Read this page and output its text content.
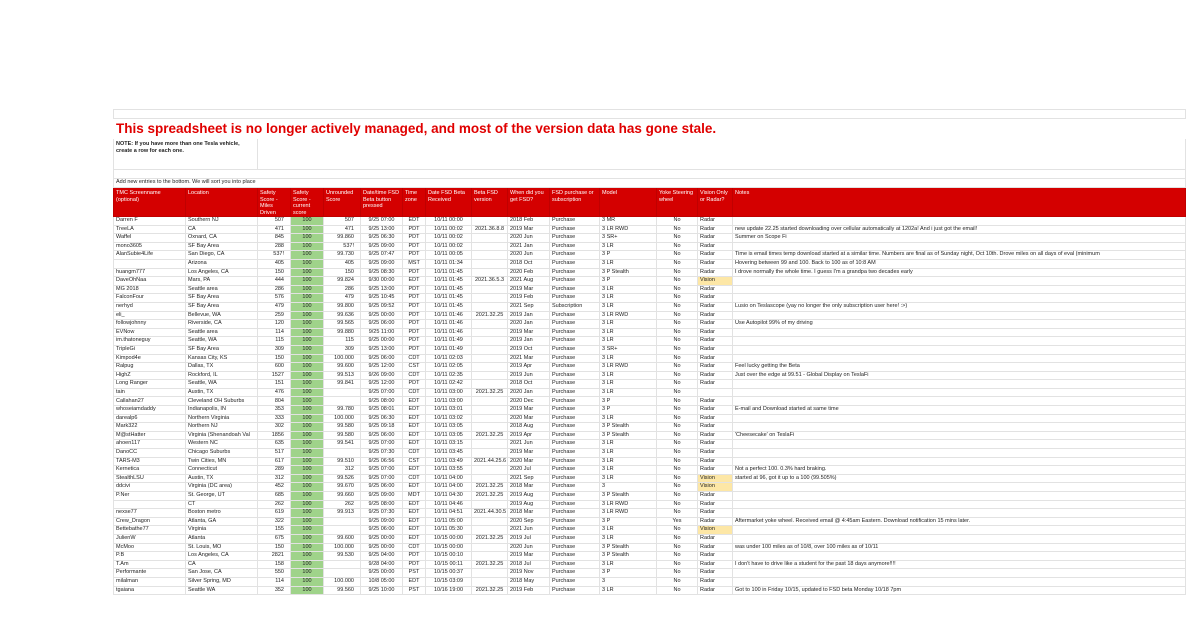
This spreadsheet is no longer actively managed, and most of the version data has gone stale.														
NOTE: If you have more than one Tesla vehicle, create a row for each one.														

Add new entries to the bottom. We will sort you into place														
TMC Screenname (optional)	Location	Safety Score - Miles Driven	Safety Score - current score	Unrounded Score	Date/time FSD Beta button pressed	Time zone	Date FSD Beta Received	Beta FSD version	When did you get FSD?	FSD purchase or subscription	Model	Yoke Steering wheel	Vision Only or Radar?	Notes
Darren F	Southern NJ	507	100	507	9/25 07:00	EDT	10/11 00:00		2018 Feb	Purchase	3 MR	No	Radar	
TreeLA	CA	471	100	471	9/25 13:00	PDT	10/11 00:02	2021.36.8.8	2019 Mar	Purchase	3 LR RWD	No	Radar	new update 22.25 started downloading over cellular automatically at 1202a! And i just got the email!
Waffel	Oxnard, CA	845	100	99.860	9/25 06:30	PDT	10/11 00:02		2020 Jun	Purchase	3 SR+	No	Radar	Summer on Scope Fi
mono3605	SF Bay Area	288	100	537!	9/25 09:00	PDT	10/11 00:02		2021 Jan	Purchase	3 LR	No	Radar	
AlanSubie4Life	San Diego, CA	537!	100	99.730	9/25 07:47	PDT	10/11 00:05		2020 Jun	Purchase	3 P	No	Radar	Time is email times temp download started at a similar time. Numbers are final as of Sunday night, Oct 10th. Drove miles on all days of eval (minimum
	Arizona	405	100	405	9/25 09:00	MST	10/11 01:34		2018 Oct	Purchase	3 LR	No	Radar	Hovering between 99 and 100. Back to 100 as of 10:8 AM
huangm777	Los Angeles, CA	150	100	150	9/25 08:30	PDT	10/11 01:45		2020 Feb	Purchase	3 P Stealth	No	Radar	I drove normally the whole time. I guess I'm a grandpa two decades early
DaveOhNaa	Mars, PA	444	100	99.824	9/30 00:00	EDT	10/11 01:45	2021.36.5.3	2021 Aug	Purchase	3 P	No	Vision	
MG 2018	Seattle area	286	100	286	9/25 13:00	PDT	10/11 01:45		2019 Mar	Purchase	3 LR	No	Radar	
FalconFour	SF Bay Area	576	100	479	9/25 10:45	PDT	10/11 01:45		2019 Feb	Purchase	3 LR	No	Radar	
nerhyd	SF Bay Area	479	100	99.800	9/25 09:52	PDT	10/11 01:45		2021 Sep	Subscription	3 LR	No	Radar	Lusio on Teslascope (yay no longer the only subscription user here! :>)
eli_	Bellevue, WA	259	100	99.636	9/25 00:00	PDT	10/11 01:46	2021.32.25	2019 Jan	Purchase	3 LR RWD	No	Radar	
followjohnny	Riverside, CA	120	100	99.565	9/25 06:00	PDT	10/11 01:46		2020 Jan	Purchase	3 LR	No	Radar	Use Autopilot 99% of my driving
EVNow	Seattle area	114	100	99.880	9/25 11:00	PDT	10/11 01:46		2019 Mar	Purchase	3 LR	No	Radar	
im.thatoneguy	Seattle, WA	115	100	115	9/25 00:00	PDT	10/11 01:49		2019 Jan	Purchase	3 LR	No	Radar	
TripleGi	SF Bay Area	309	100	309	9/25 13:00	PDT	10/11 01:49		2019 Oct	Purchase	3 SR+	No	Radar	
Kimpod4e	Kansas City, KS	150	100	100.000	9/25 06:00	CDT	10/11 02:03		2021 Mar	Purchase	3 LR	No	Radar	
Ralpug	Dallas, TX	600	100	99.600	9/25 12:00	CST	10/11 02:05		2019 Apr	Purchase	3 LR RWD	No	Radar	Feel lucky getting the Beta
HighZ	Rockford, IL	1527	100	99.513	9/26 09:00	CDT	10/11 02:35		2019 Jun	Purchase	3 LR	No	Radar	Just over the edge at 99.51 - Global Display on TeslaFi
Long Ranger	Seattle, WA	151	100	99.841	9/25 12:00	PDT	10/11 02:42		2018 Oct	Purchase	3 LR	No	Radar	
tain	Austin, TX	476	100		9/25 07:00	CDT	10/11 03:00	2021.32.25	2020 Jan	Purchase	3 LR	No		
Callahan27	Cleveland OH Suburbs	804	100		9/25 08:00	EDT	10/11 03:00		2020 Dec	Purchase	3 P	No	Radar	
whoseiamdaddy	Indianapolis, IN	353	100	99.780	9/25 08:01	EDT	10/11 03:01		2019 Mar	Purchase	3 P	No	Radar	E-mail and Download started at same time
darealp6	Northern Virginia	333	100	100.000	9/25 06:30	EDT	10/11 03:02		2020 Mar	Purchase	3 LR	No	Radar	
Mark322	Northern NJ	302	100	99.580	9/25 09:18	EDT	10/11 03:05		2018 Aug	Purchase	3 P Stealth	No	Radar	
M@stHatter	Virginia (Shenandoah Val	1856	100	99.580	9/25 06:00	EDT	10/11 03:05	2021.32.25	2019 Apr	Purchase	3 P Stealth	No	Radar	'Cheesecake' on TeslaFi
ahoen117	Western NC	635	100	99.541	9/25 07:00	EDT	10/11 03:15		2021 Jun	Purchase	3 LR	No	Radar	
DanoCC	Chicago Suburbs	517	100		9/25 07:30	CDT	10/11 03:45		2019 Mar	Purchase	3 LR	No	Radar	
TARS-M3	Twin Cities, MN	617	100	99.510	9/25 06:56	CST	10/11 03:49	2021.44.25.6	2020 Mar	Purchase	3 LR	No	Radar	
Kernetica	Connecticut	289	100	312	9/25 07:00	EDT	10/11 03:55		2020 Jul	Purchase	3 LR	No	Radar	Not a perfect 100. 0.3% hard braking.
StealthLSU	Austin, TX	312	100	99.526	9/25 07:00	CDT	10/11 04:00		2021 Sep	Purchase	3 LR	No	Vision	started at 96, got it up to a 100 (99.505%)
ddcivi	Virginia (DC area)	452	100	99.670	9/25 06:00	EDT	10/11 04:00	2021.32.25	2018 Mar	Purchase	3	No	Vision	
P.Ner	St. George, UT	685	100	99.660	9/25 09:00	MDT	10/11 04:30	2021.32.25	2019 Aug	Purchase	3 P Stealth	No	Radar	
	CT	262	100	262	9/25 08:00	EDT	10/11 04:46		2019 Aug	Purchase	3 LR RWD	No	Radar	
nexse77	Boston metro	619	100	99.913	9/25 07:30	EDT	10/11 04:51	2021.44.30.5	2018 Mar	Purchase	3 LR RWD	No	Radar	
Crew_Dragon	Atlanta, GA	322	100		9/25 09:00	EDT	10/11 05:00		2020 Sep	Purchase	3 P	Yes	Radar	Aftermarket yoke wheel. Received email @ 4:45am Eastern. Download notification 15 mins later.
Bettebathe77	Virginia	155	100		9/25 06:00	EDT	10/11 05:30		2021 Jun	Purchase	3 LR	No	Vision	
JulienW	Atlanta	675	100	99.600	9/25 00:00	EDT	10/15 00:00	2021.32.25	2019 Jul	Purchase	3 LR	No	Radar	
McMoo	St. Louis, MO	150	100	100.000	9/25 00:00	CDT	10/15 00:00		2020 Jun	Purchase	3 P Stealth	No	Radar	was under 100 miles as of 10/8, over 100 miles as of 10/11
P.B	Los Angeles, CA	2821	100	99.530	9/25 04:00	PDT	10/15 00:10		2019 Mar	Purchase	3 P Stealth	No	Radar	
T.Am	CA	158	100		9/28 04:00	PDT	10/15 00:11	2021.32.25	2018 Jul	Purchase	3 LR	No	Radar	I don't have to drive like a student for the past 18 days anymore!!!!
Performante	San Jose, CA	550	100		9/25 00:00	PST	10/15 00:37		2019 Nov	Purchase	3 P	No	Radar	
milalman	Silver Spring, MD	114	100	100.000	10/8 05:00	EDT	10/15 03:09		2018 May	Purchase	3	No	Radar	
tgaiana	Seattle WA	352	100	99.560	9/25 10:00	PST	10/16 19:00	2021.32.25	2019 Feb	Purchase	3 LR	No	Radar	Got to 100 in Friday 10/15, updated to FSD beta Monday 10/18 7pm
